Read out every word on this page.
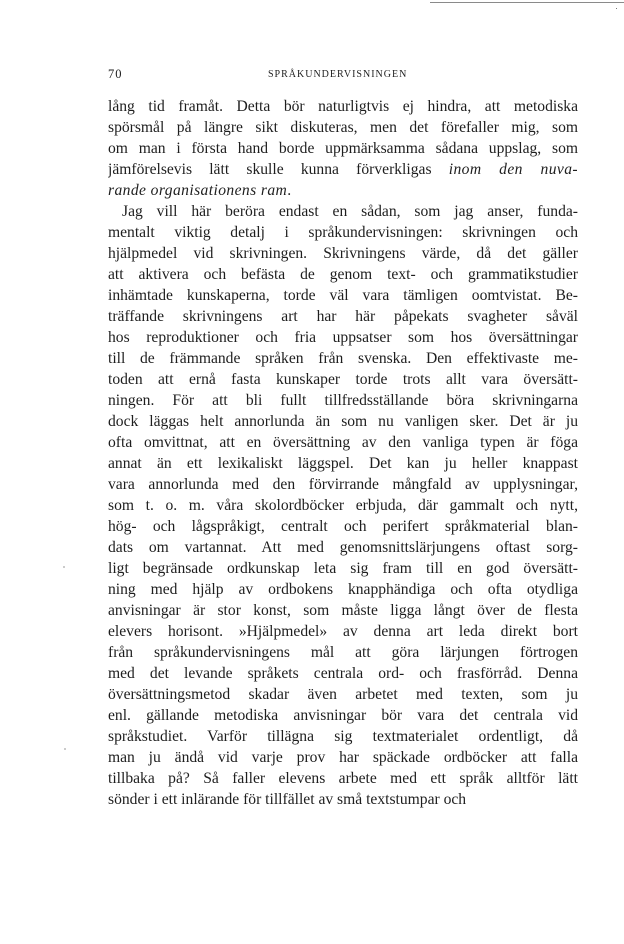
70	SPRÅKUNDERVISNINGEN
lång tid framåt. Detta bör naturligtvis ej hindra, att metodiska
spörsmål på längre sikt diskuteras, men det förefaller mig, som
om man i första hand borde uppmärksamma sådana uppslag, som
jämförelsevis lätt skulle kunna förverkligas inom den nuva-
rande organisationens ram.
Jag vill här beröra endast en sådan, som jag anser, funda-
mentalt viktig detalj i språkundervisningen: skrivningen och
hjälpmedel vid skrivningen. Skrivningens värde, då det gäller
att aktivera och befästa de genom text- och grammatikstudier
inhämtade kunskaperna, torde väl vara tämligen oomtvistat. Be-
träffande skrivningens art har här påpekats svagheter såväl
hos reproduktioner och fria uppsatser som hos översättningar
till de främmande språken från svenska. Den effektivaste me-
toden att ernå fasta kunskaper torde trots allt vara översätt-
ningen. För att bli fullt tillfredsställande böra skrivningarna
dock läggas helt annorlunda än som nu vanligen sker. Det är ju
ofta omvittnat, att en översättning av den vanliga typen är föga
annat än ett lexikaliskt läggspel. Det kan ju heller knappast
vara annorlunda med den förvirrande mångfald av upplysningar,
som t. o. m. våra skolordböcker erbjuda, där gammalt och nytt,
hög- och lågspråkigt, centralt och perifert språkmaterial blan-
dats om vartannat. Att med genomsnittslärjungens oftast sorg-
ligt begränsade ordkunskap leta sig fram till en god översätt-
ning med hjälp av ordbokens knapphändiga och ofta otydliga
anvisningar är stor konst, som måste ligga långt över de flesta
elevers horisont. »Hjälpmedel» av denna art leda direkt bort
från språkundervisningens mål att göra lärjungen förtrogen
med det levande språkets centrala ord- och frasförråd. Denna
översättningsmetod skadar även arbetet med texten, som ju
enl. gällande metodiska anvisningar bör vara det centrala vid
språkstudiet. Varför tillägna sig textmaterialet ordentligt, då
man ju ändå vid varje prov har späckade ordböcker att falla
tillbaka på? Så faller elevens arbete med ett språk alltför lätt
sönder i ett inlärande för tillfället av små textstumpar och
